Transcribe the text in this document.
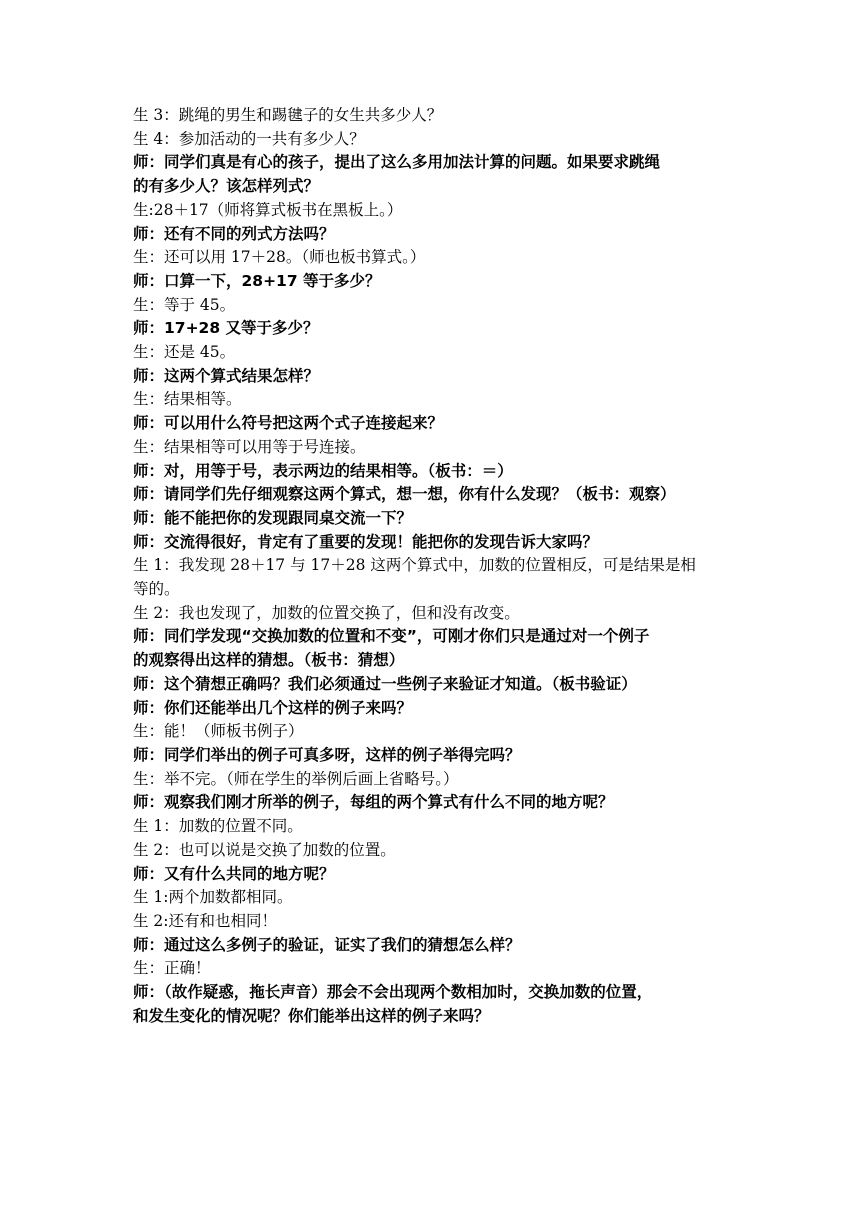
生 3：跳绳的男生和踢毽子的女生共多少人？
生 4：参加活动的一共有多少人？
师：同学们真是有心的孩子，提出了这么多用加法计算的问题。如果要求跳绳
的有多少人？该怎样列式？
生:28＋17（师将算式板书在黑板上。）
师：还有不同的列式方法吗？
生：还可以用 17＋28。（师也板书算式。）
师：口算一下，28+17 等于多少？
生：等于 45。
师：17+28 又等于多少？
生：还是 45。
师：这两个算式结果怎样？
生：结果相等。
师：可以用什么符号把这两个式子连接起来？
生：结果相等可以用等于号连接。
师：对，用等于号，表示两边的结果相等。（板书：＝）
师：请同学们先仔细观察这两个算式，想一想，你有什么发现？（板书：观察）
师：能不能把你的发现跟同桌交流一下？
师：交流得很好，肯定有了重要的发现！能把你的发现告诉大家吗？
生 1：我发现 28＋17 与 17＋28 这两个算式中，加数的位置相反，可是结果是相
等的。
生 2：我也发现了，加数的位置交换了，但和没有改变。
师：同们学发现“交换加数的位置和不变”，可刚才你们只是通过对一个例子
的观察得出这样的猜想。（板书：猜想）
师：这个猜想正确吗？我们必须通过一些例子来验证才知道。（板书验证）
师：你们还能举出几个这样的例子来吗？
生：能！（师板书例子）
师：同学们举出的例子可真多呀，这样的例子举得完吗？
生：举不完。（师在学生的举例后画上省略号。）
师：观察我们刚才所举的例子，每组的两个算式有什么不同的地方呢？
生 1：加数的位置不同。
生 2：也可以说是交换了加数的位置。
师：又有什么共同的地方呢？
生 1:两个加数都相同。
生 2:还有和也相同！
师：通过这么多例子的验证，证实了我们的猜想怎么样？
生：正确！
师：（故作疑惑，拖长声音）那会不会出现两个数相加时，交换加数的位置，
和发生变化的情况呢？你们能举出这样的例子来吗？
